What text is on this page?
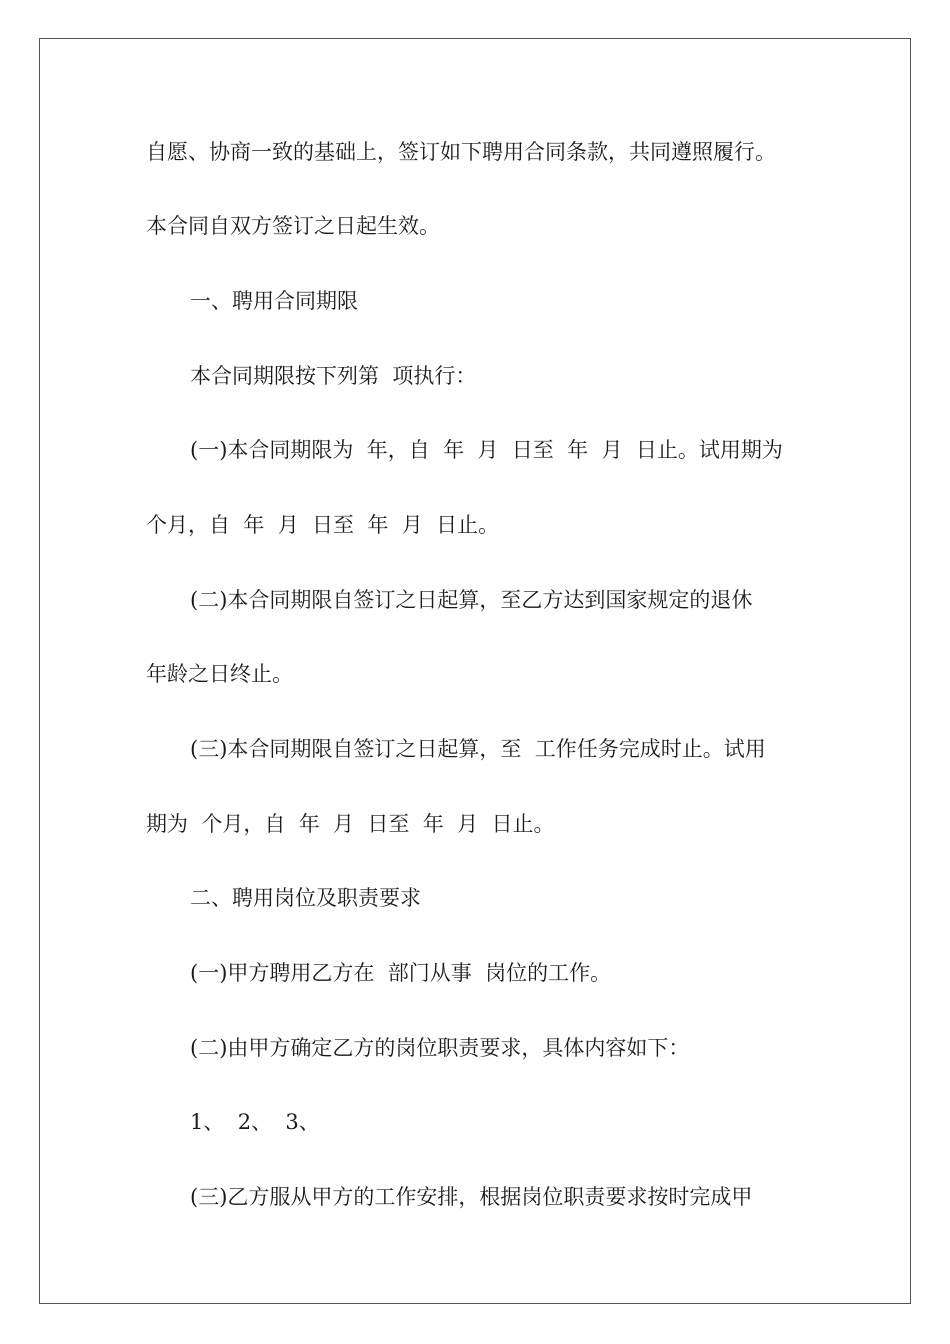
自愿、协商一致的基础上，签订如下聘用合同条款，共同遵照履行。

本合同自双方签订之日起生效。

一、聘用合同期限

本合同期限按下列第  项执行：

(一)本合同期限为  年，自  年  月  日至  年  月  日止。试用期为

个月，自  年  月  日至  年  月  日止。

(二)本合同期限自签订之日起算，至乙方达到国家规定的退休

年龄之日终止。

(三)本合同期限自签订之日起算，至  工作任务完成时止。试用

期为  个月，自  年  月  日至  年  月  日止。

二、聘用岗位及职责要求

(一)甲方聘用乙方在  部门从事  岗位的工作。

(二)由甲方确定乙方的岗位职责要求，具体内容如下：

1、  2、  3、

(三)乙方服从甲方的工作安排，根据岗位职责要求按时完成甲
